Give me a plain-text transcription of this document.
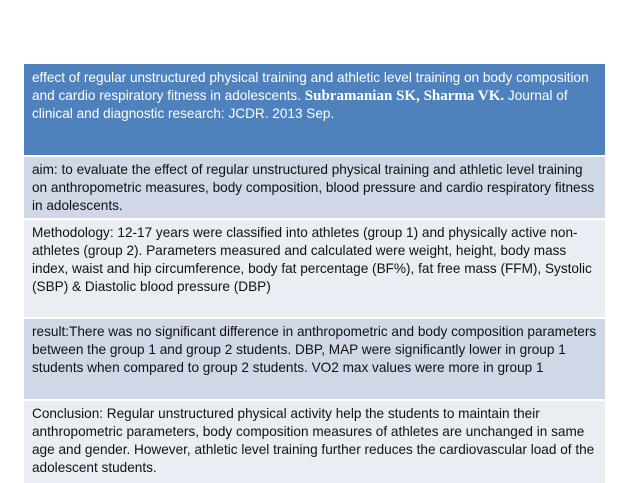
effect of regular unstructured physical training and athletic level training on body composition and cardio respiratory fitness in adolescents. Subramanian SK, Sharma VK. Journal of clinical and diagnostic research: JCDR. 2013 Sep.
aim: to evaluate the effect of regular unstructured physical training and athletic level training on anthropometric measures, body composition, blood pressure and cardio respiratory fitness in adolescents.
Methodology: 12-17 years were classified into athletes (group 1) and physically active non-athletes (group 2). Parameters measured and calculated were weight, height, body mass index, waist and hip circumference, body fat percentage (BF%), fat free mass (FFM), Systolic (SBP) & Diastolic blood pressure (DBP)
result:There was no significant difference in anthropometric and body composition parameters between the group 1 and group 2 students. DBP, MAP were significantly lower in group 1 students when compared to group 2 students. VO2 max values were more in group 1
Conclusion: Regular unstructured physical activity help the students to maintain their anthropometric parameters, body composition measures of athletes are unchanged in same age and gender. However, athletic level training further reduces the cardiovascular load of the adolescent students.
